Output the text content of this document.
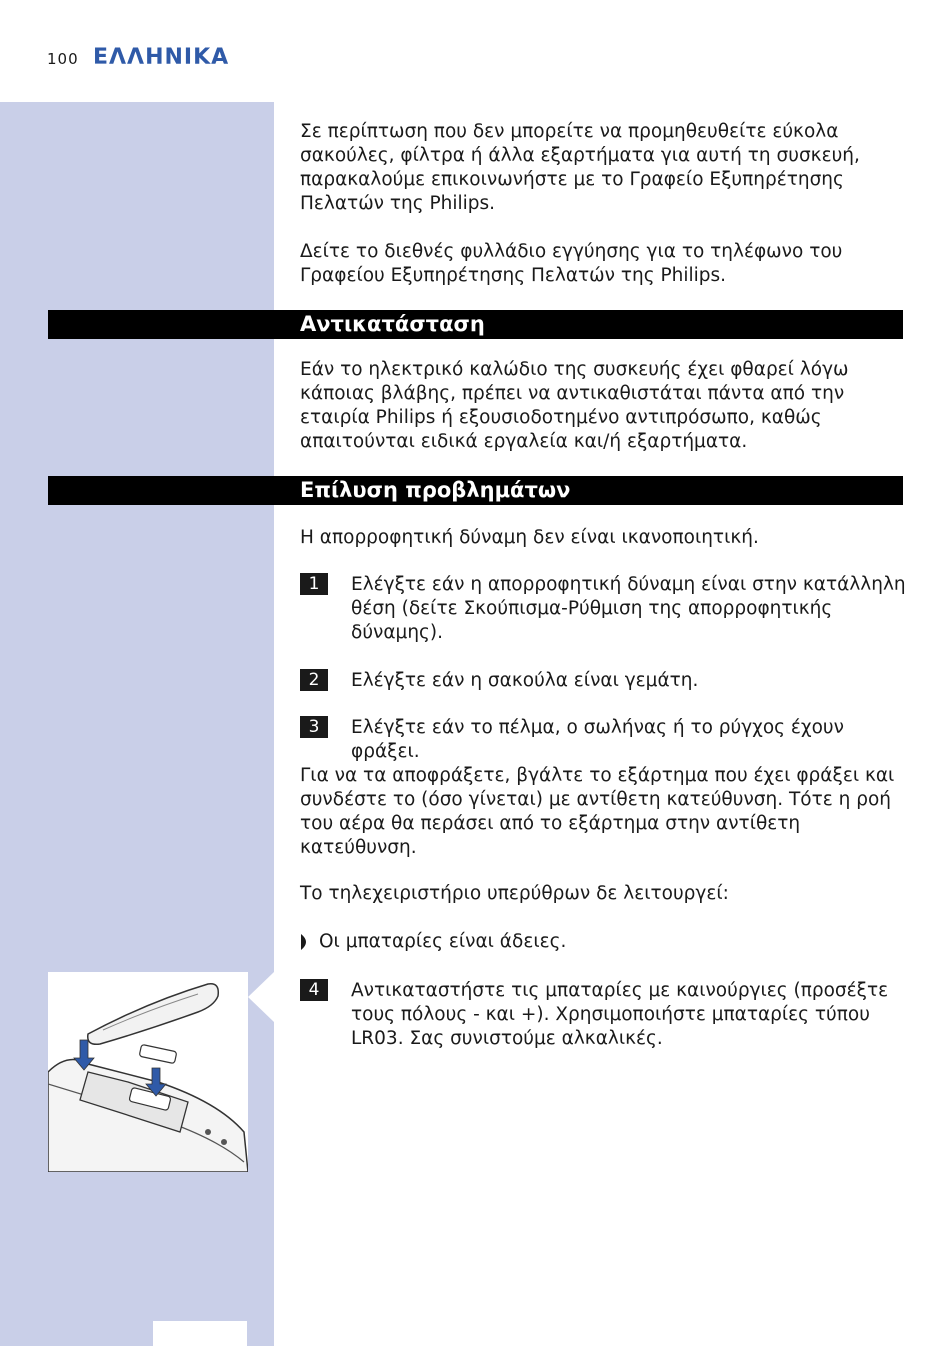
100 ΕΛΛΗΝΙΚΑ

Σε περίπτωση που δεν μπορείτε να προμηθευθείτε εύκολα σακούλες, φίλτρα ή άλλα εξαρτήματα για αυτή τη συσκευή, παρακαλούμε επικοινωνήστε με το Γραφείο Εξυπηρέτησης Πελατών της Philips.

Δείτε το διεθνές φυλλάδιο εγγύησης για το τηλέφωνο του Γραφείου Εξυπηρέτησης Πελατών της Philips.

Αντικατάσταση

Εάν το ηλεκτρικό καλώδιο της συσκευής έχει φθαρεί λόγω κάποιας βλάβης, πρέπει να αντικαθιστάται πάντα από την εταιρία Philips ή εξουσιοδοτημένο αντιπρόσωπο, καθώς απαιτούνται ειδικά εργαλεία και/ή εξαρτήματα.

Επίλυση προβλημάτων

Η απορροφητική δύναμη δεν είναι ικανοποιητική.

1	Ελέγξτε εάν η απορροφητική δύναμη είναι στην κατάλληλη θέση (δείτε Σκούπισμα-Ρύθμιση της απορροφητικής δύναμης).

2	Ελέγξτε εάν η σακούλα είναι γεμάτη.

3	Ελέγξτε εάν το πέλμα, ο σωλήνας ή το ρύγχος έχουν φράξει.

Για να τα αποφράξετε, βγάλτε το εξάρτημα που έχει φράξει και συνδέστε το (όσο γίνεται) με αντίθετη κατεύθυνση. Τότε η ροή του αέρα θα περάσει από το εξάρτημα στην αντίθετη κατεύθυνση.

Το τηλεχειριστήριο υπερύθρων δε λειτουργεί:

Οι μπαταρίες είναι άδειες.

4	Αντικαταστήστε τις μπαταρίες με καινούργιες (προσέξτε τους πόλους - και +). Χρησιμοποιήστε μπαταρίες τύπου LR03. Σας συνιστούμε αλκαλικές.
